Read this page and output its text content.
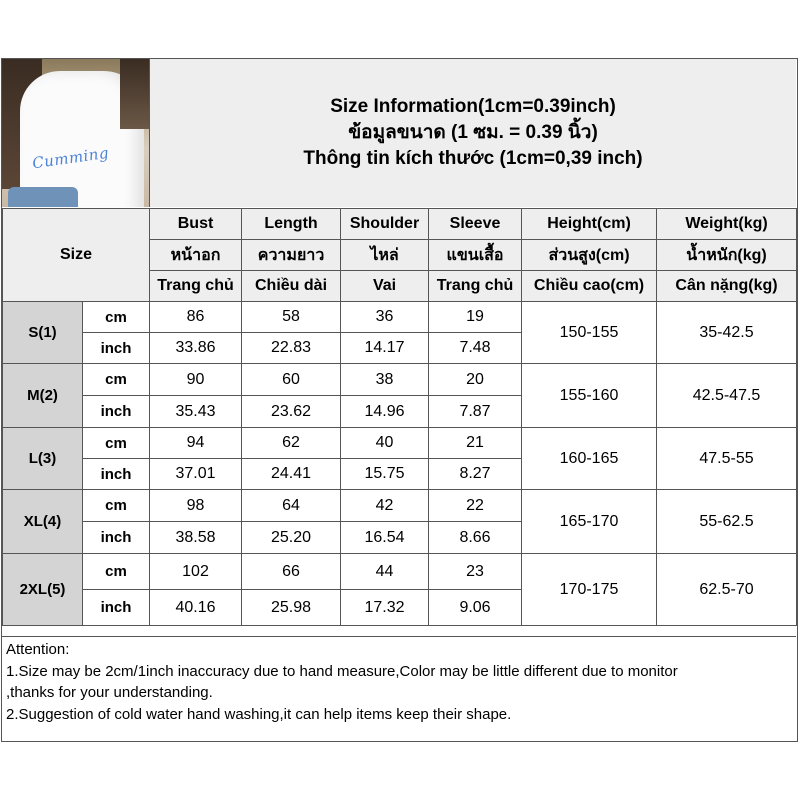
Cumming
Size Information(1cm=0.39inch)
ข้อมูลขนาด (1 ซม. = 0.39 นิ้ว)
Thông tin kích thước (1cm=0,39 inch)
Size		Bust	Length	Shoulder	Sleeve	Height(cm)	Weight(kg)
		หน้าอก	ความยาว	ไหล่	แขนเสื้อ	ส่วนสูง(cm)	น้ำหนัก(kg)
		Trang chủ	Chiều dài	Vai	Trang chủ	Chiều cao(cm)	Cân nặng(kg)
S(1)	cm	86	58	36	19	150-155	35-42.5
	inch	33.86	22.83	14.17	7.48		
M(2)	cm	90	60	38	20	155-160	42.5-47.5
	inch	35.43	23.62	14.96	7.87		
L(3)	cm	94	62	40	21	160-165	47.5-55
	inch	37.01	24.41	15.75	8.27		
XL(4)	cm	98	64	42	22	165-170	55-62.5
	inch	38.58	25.20	16.54	8.66		
2XL(5)	cm	102	66	44	23	170-175	62.5-70
	inch	40.16	25.98	17.32	9.06		
Attention:
1.Size may be 2cm/1inch inaccuracy due to hand measure,Color may be little different due to monitor
,thanks for your understanding.
2.Suggestion of cold water hand washing,it can help items keep their shape.
